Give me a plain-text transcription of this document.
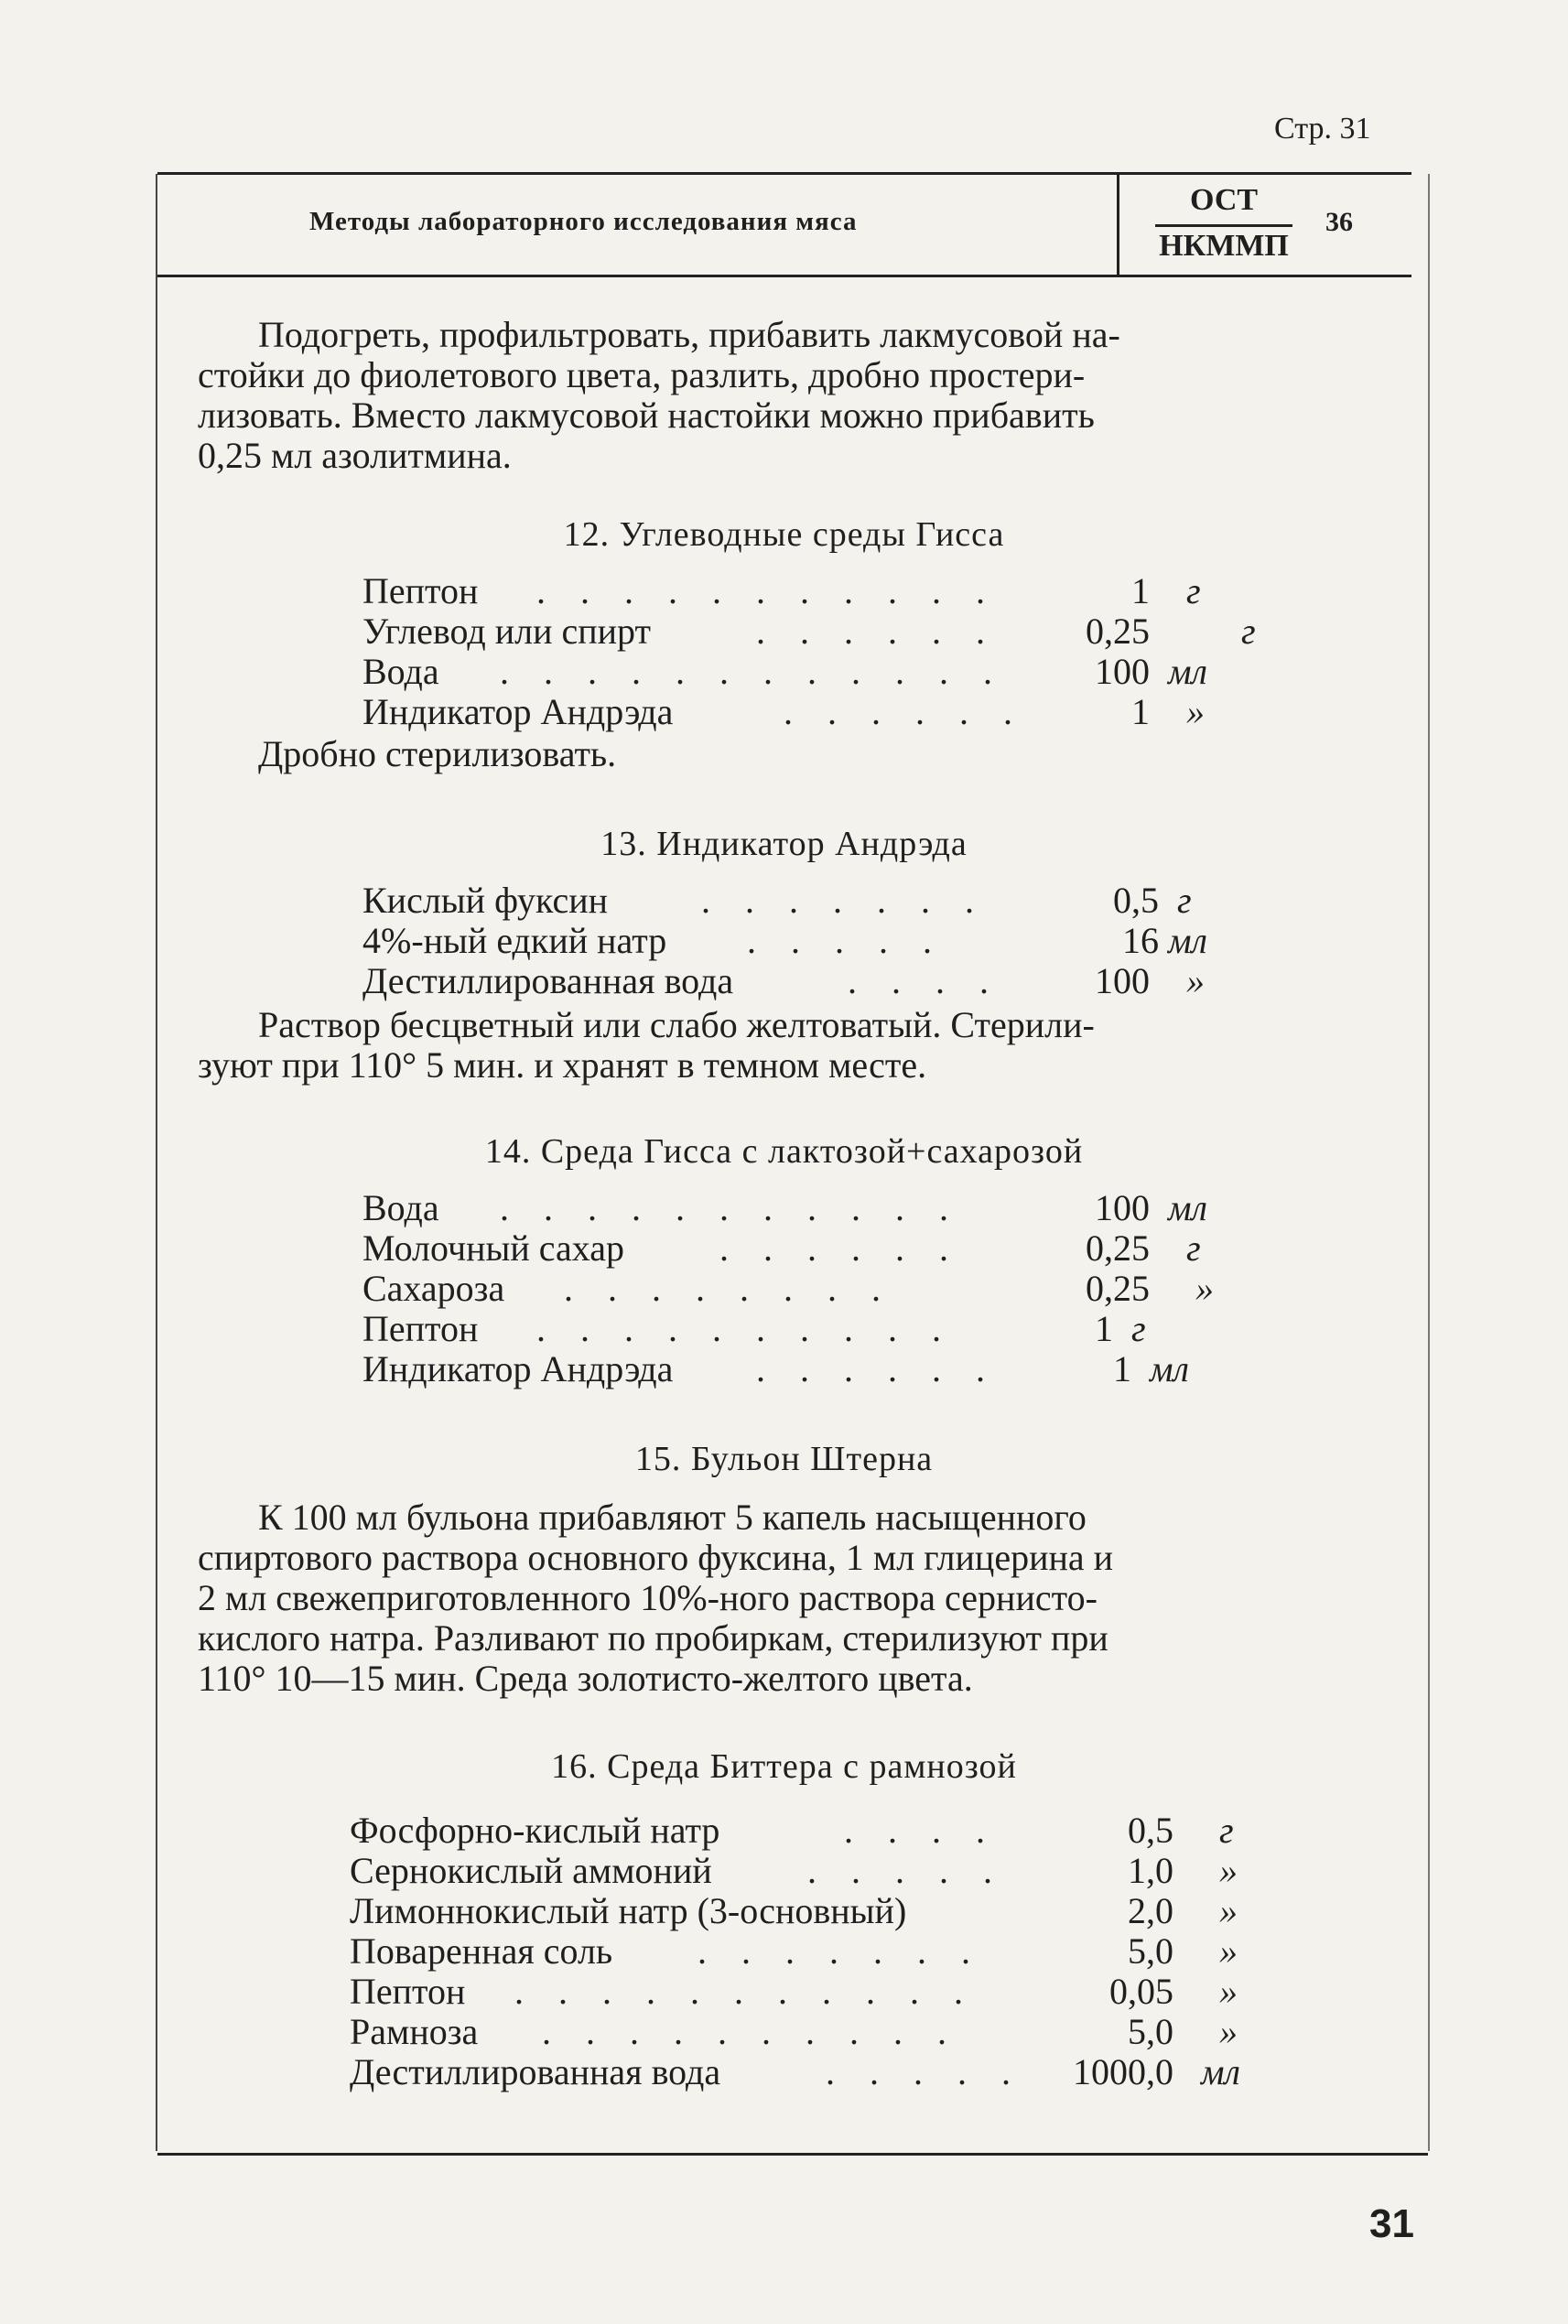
Стр. 31
Методы лабораторного исследования мяса
ОСТ
НКММП
36
Подогреть, профильтровать, прибавить лакмусовой на-
стойки до фиолетового цвета, разлить, дробно простери-
лизовать. Вместо лакмусовой настойки можно прибавить
0,25 мл азолитмина.
12. Углеводные среды Гисса
Пептон . . . . . . . . . . .	1 г
Углевод или спирт	. . . . . .	0,25	г
Вода . . . . . . . . . . . .	100 мл
Индикатор Андрэда	. . . . . .	1 »
Дробно стерилизовать.
13. Индикатор Андрэда
Кислый фуксин	. . . . . . .	0,5 г
4%-ный едкий натр . . . . .	16 мл
Дестиллированная вода	. . . .	100 »
Раствор бесцветный или слабо желтоватый. Стерили-
зуют при 110° 5 мин. и хранят в темном месте.
14. Среда Гисса с лактозой+сахарозой
Вода . . . . . . . . . . .	100 мл
Молочный сахар	. . . . . .	0,25 г
Сахароза . . . . . . . .	0,25 »
Пептон . . . . . . . . . .	1 г
Индикатор Андрэда . . . . . .	1 мл
15. Бульон Штерна
К 100 мл бульона прибавляют 5 капель насыщенного
спиртового раствора основного фуксина, 1 мл глицерина и
2 мл свежеприготовленного 10%-ного раствора сернисто-
кислого натра. Разливают по пробиркам, стерилизуют при
110° 10—15 мин. Среда золотисто-желтого цвета.
16. Среда Биттера с рамнозой
Фосфорно-кислый натр	. . . .	0,5 г
Сернокислый аммоний	. . . . .	1,0 »
Лимоннокислый натр (3-основный)	2,0 »
Поваренная соль . . . . . . .	5,0 »
Пептон . . . . . . . . . . .	0,05 »
Рамноза . . . . . . . . . .	5,0 »
Дестиллированная вода	. . . . . 1000,0 мл
31
